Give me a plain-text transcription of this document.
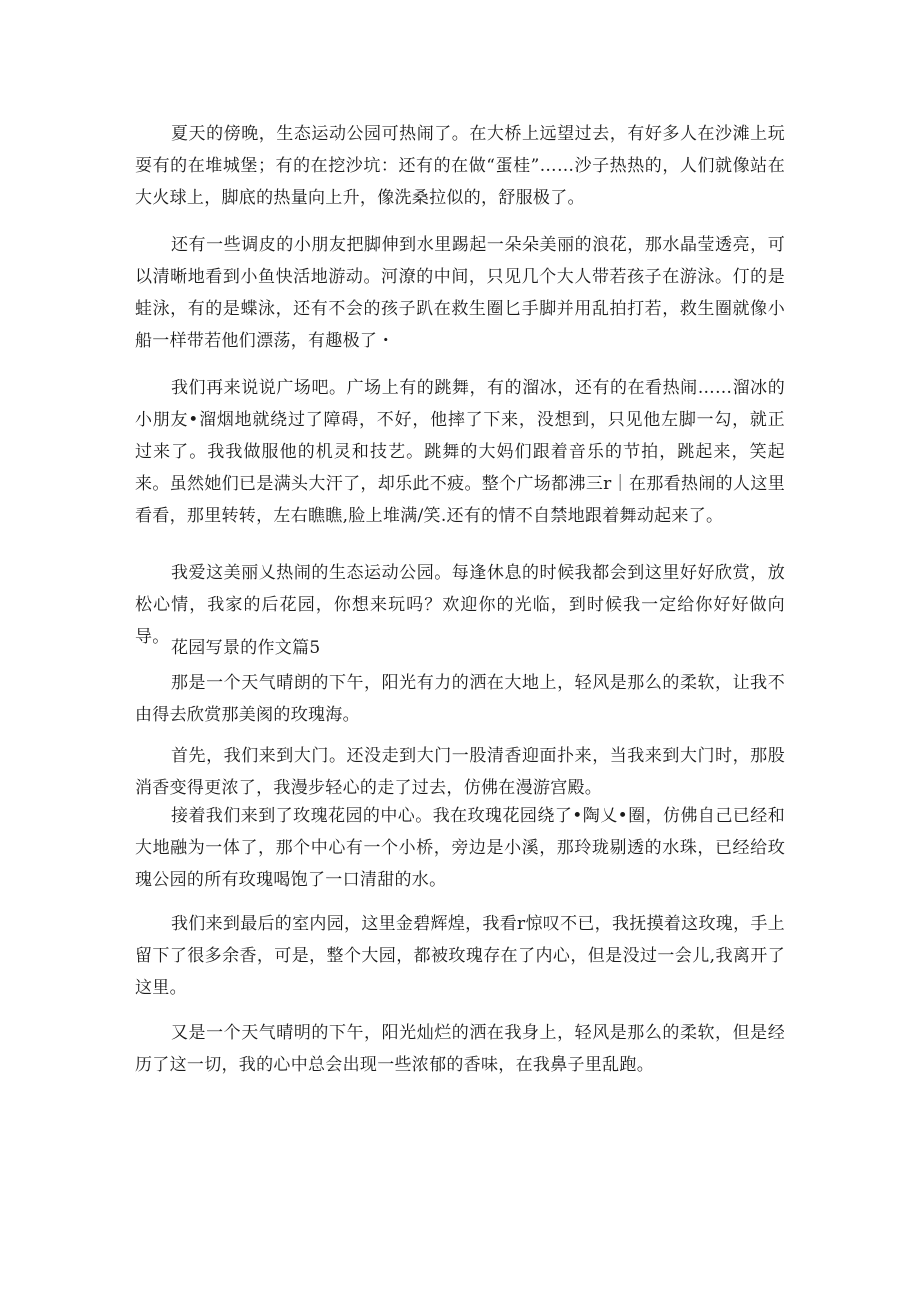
夏天的傍晚，生态运动公园可热闹了。在大桥上远望过去，有好多人在沙滩上玩耍有的在堆城堡；有的在挖沙坑：还有的在做“蛋桂”……沙子热热的，人们就像站在大火球上，脚底的热量向上升，像洗桑拉似的，舒服极了。

还有一些调皮的小朋友把脚伸到水里踢起一朵朵美丽的浪花，那水晶莹透亮，可以清晰地看到小鱼快活地游动。河潦的中间，只见几个大人带若孩子在游泳。仃的是蛙泳，有的是蝶泳，还有不会的孩子趴在救生圈匕手脚并用乱拍打若，救生圈就像小船一样带若他们漂荡，有趣极了・

我们再来说说广场吧。广场上有的跳舞，有的溜冰，还有的在看热闹……溜冰的小朋友•溜烟地就绕过了障碍，不好，他摔了下来，没想到，只见他左脚一勾，就正过来了。我我做服他的机灵和技艺。跳舞的大妈们跟着音乐的节拍，跳起来，笑起来。虽然她们已是满头大汗了，却乐此不疲。整个广场都沸三r｜在那看热闹的人这里看看，那里转转，左右瞧瞧,脸上堆满/笑.还有的情不自禁地跟着舞动起来了。

我爱这美丽乂热闹的生态运动公园。每逢休息的时候我都会到这里好好欣赏，放松心情，我家的后花园，你想来玩吗？欢迎你的光临，到时候我一定给你好好做向导。

花园写景的作文篇5

那是一个天气晴朗的下午，阳光有力的洒在大地上，轻风是那么的柔软，让我不由得去欣赏那美阂的玫瑰海。

首先，我们来到大门。还没走到大门一股清香迎面扑来，当我来到大门时，那股消香变得更浓了，我漫步轻心的走了过去，仿佛在漫游宫殿。

接着我们来到了玫瑰花园的中心。我在玫瑰花园绕了•陶乂•圈，仿佛自己已经和大地融为一体了，那个中心有一个小桥，旁边是小溪，那玲珑剔透的水珠，已经给玫瑰公园的所有玫瑰喝饱了一口清甜的水。

我们来到最后的室内园，这里金碧辉煌，我看r惊叹不已，我抚摸着这玫瑰，手上留下了很多余香，可是，整个大园，都被玫瑰存在了内心，但是没过一会儿,我离开了这里。

又是一个天气晴明的下午，阳光灿烂的洒在我身上，轻风是那么的柔软，但是经历了这一切，我的心中总会出现一些浓郁的香味，在我鼻子里乱跑。
